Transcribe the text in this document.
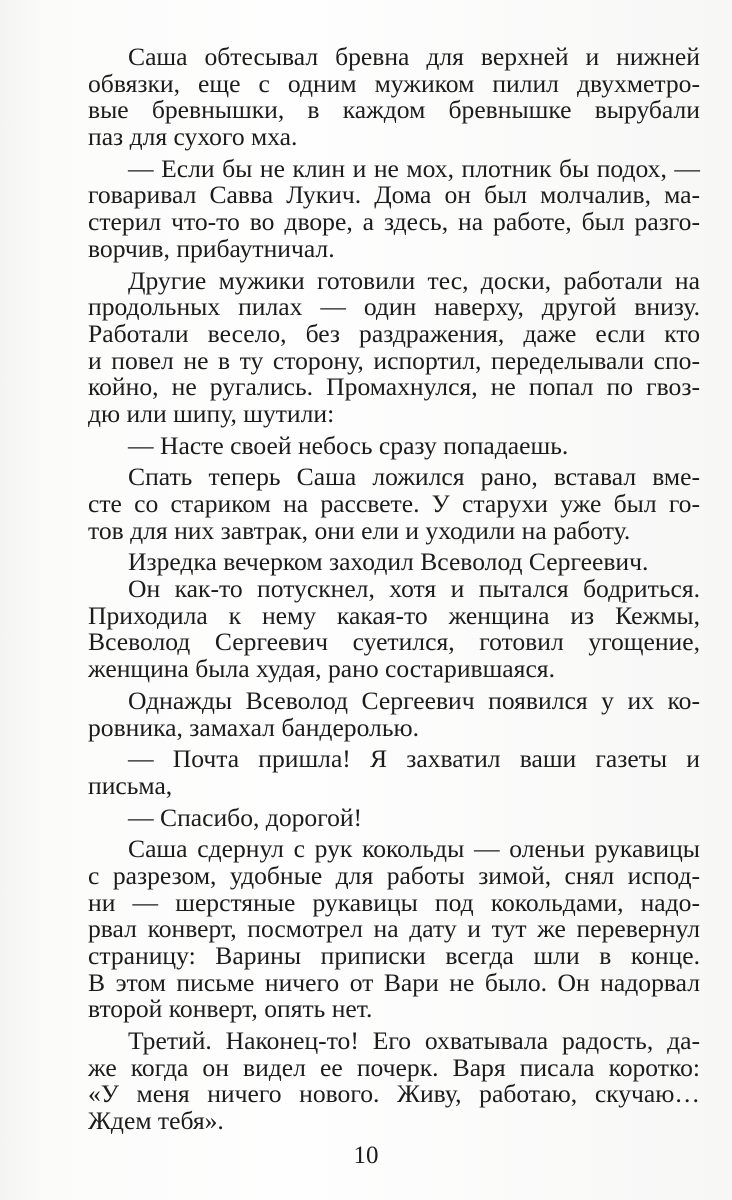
Саша обтесывал бревна для верхней и нижней
обвязки, еще с одним мужиком пилил двухметро-
вые бревнышки, в каждом бревнышке вырубали
паз для сухого мха.
— Если бы не клин и не мох, плотник бы подох, —
говаривал Савва Лукич. Дома он был молчалив, ма-
стерил что-то во дворе, а здесь, на работе, был разго-
ворчив, прибаутничал.
Другие мужики готовили тес, доски, работали на
продольных пилах — один наверху, другой внизу.
Работали весело, без раздражения, даже если кто
и повел не в ту сторону, испортил, переделывали спо-
койно, не ругались. Промахнулся, не попал по гвоз-
дю или шипу, шутили:
— Насте своей небось сразу попадаешь.
Спать теперь Саша ложился рано, вставал вме-
сте со стариком на рассвете. У старухи уже был го-
тов для них завтрак, они ели и уходили на работу.
Изредка вечерком заходил Всеволод Сергеевич.
Он как-то потускнел, хотя и пытался бодриться.
Приходила к нему какая-то женщина из Кежмы,
Всеволод Сергеевич суетился, готовил угощение,
женщина была худая, рано состарившаяся.
Однажды Всеволод Сергеевич появился у их ко-
ровника, замахал бандеролью.
— Почта пришла! Я захватил ваши газеты и
письма,
— Спасибо, дорогой!
Саша сдернул с рук кокольды — оленьи рукавицы
с разрезом, удобные для работы зимой, снял испод-
ни — шерстяные рукавицы под кокольдами, надо-
рвал конверт, посмотрел на дату и тут же перевернул
страницу: Варины приписки всегда шли в конце.
В этом письме ничего от Вари не было. Он надорвал
второй конверт, опять нет.
Третий. Наконец-то! Его охватывала радость, да-
же когда он видел ее почерк. Варя писала коротко:
«У меня ничего нового. Живу, работаю, скучаю…
Ждем тебя».
10
